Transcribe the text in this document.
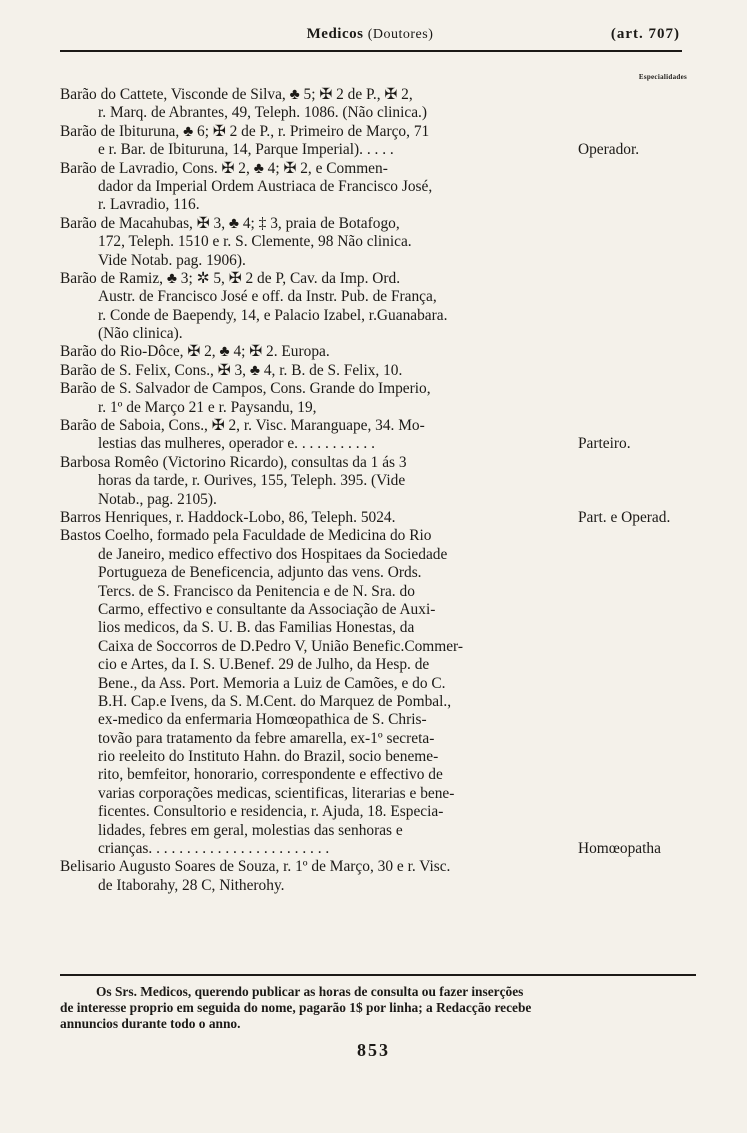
Medicos (Doutores)	(art. 707)
Especialidades
Barão do Cattete, Visconde de Silva, ♣ 5; ✠ 2 de P., ✠ 2,
r. Marq. de Abrantes, 49, Teleph. 1086. (Não clinica.)
Barão de Ibituruna, ♣ 6; ✠ 2 de P., r. Primeiro de Março, 71
e r. Bar. de Ibituruna, 14, Parque Imperial). . . . .	Operador.
Barão de Lavradio, Cons. ✠ 2, ♣ 4; ✠ 2, e Commen-
dador da Imperial Ordem Austriaca de Francisco José,
r. Lavradio, 116.
Barão de Macahubas, ✠ 3, ♣ 4; ‡ 3, praia de Botafogo,
172, Teleph. 1510 e r. S. Clemente, 98 Não clinica.
Vide Notab. pag. 1906).
Barão de Ramiz, ♣ 3; ✲ 5, ✠ 2 de P, Cav. da Imp. Ord.
Austr. de Francisco José e off. da Instr. Pub. de França,
r. Conde de Baependy, 14, e Palacio Izabel, r.Guanabara.
(Não clinica).
Barão do Rio-Dôce, ✠ 2, ♣ 4; ✠ 2. Europa.
Barão de S. Felix, Cons., ✠ 3, ♣ 4, r. B. de S. Felix, 10.
Barão de S. Salvador de Campos, Cons. Grande do Imperio,
r. 1º de Março 21 e r. Paysandu, 19,
Barão de Saboia, Cons., ✠ 2, r. Visc. Maranguape, 34. Mo-
lestias das mulheres, operador e. . . . . . . . . . .	Parteiro.
Barbosa Romêo (Victorino Ricardo), consultas da 1 ás 3
horas da tarde, r. Ourives, 155, Teleph. 395. (Vide
Notab., pag. 2105).
Barros Henriques, r. Haddock-Lobo, 86, Teleph. 5024.	Part. e Operad.
Bastos Coelho, formado pela Faculdade de Medicina do Rio
de Janeiro, medico effectivo dos Hospitaes da Sociedade
Portugueza de Beneficencia, adjunto das vens. Ords.
Tercs. de S. Francisco da Penitencia e de N. Sra. do
Carmo, effectivo e consultante da Associação de Auxi-
lios medicos, da S. U. B. das Familias Honestas, da
Caixa de Soccorros de D.Pedro V, União Benefic.Commer-
cio e Artes, da I. S. U.Benef. 29 de Julho, da Hesp. de
Bene., da Ass. Port. Memoria a Luiz de Camões, e do C.
B.H. Cap.e Ivens, da S. M.Cent. do Marquez de Pombal.,
ex-medico da enfermaria Homœopathica de S. Chris-
tovão para tratamento da febre amarella, ex-1º secreta-
rio reeleito do Instituto Hahn. do Brazil, socio beneme-
rito, bemfeitor, honorario, correspondente e effectivo de
varias corporações medicas, scientificas, literarias e bene-
ficentes. Consultorio e residencia, r. Ajuda, 18. Especia-
lidades, febres em geral, molestias das senhoras e
crianças. . . . . . . . . . . . . . . . . . . . . . . .	Homœopatha
Belisario Augusto Soares de Souza, r. 1º de Março, 30 e r. Visc.
de Itaborahy, 28 C, Nitherohy.
Os Srs. Medicos, querendo publicar as horas de consulta ou fazer inserções
de interesse proprio em seguida do nome, pagarão 1$ por linha; a Redacção recebe
annuncios durante todo o anno.
853
